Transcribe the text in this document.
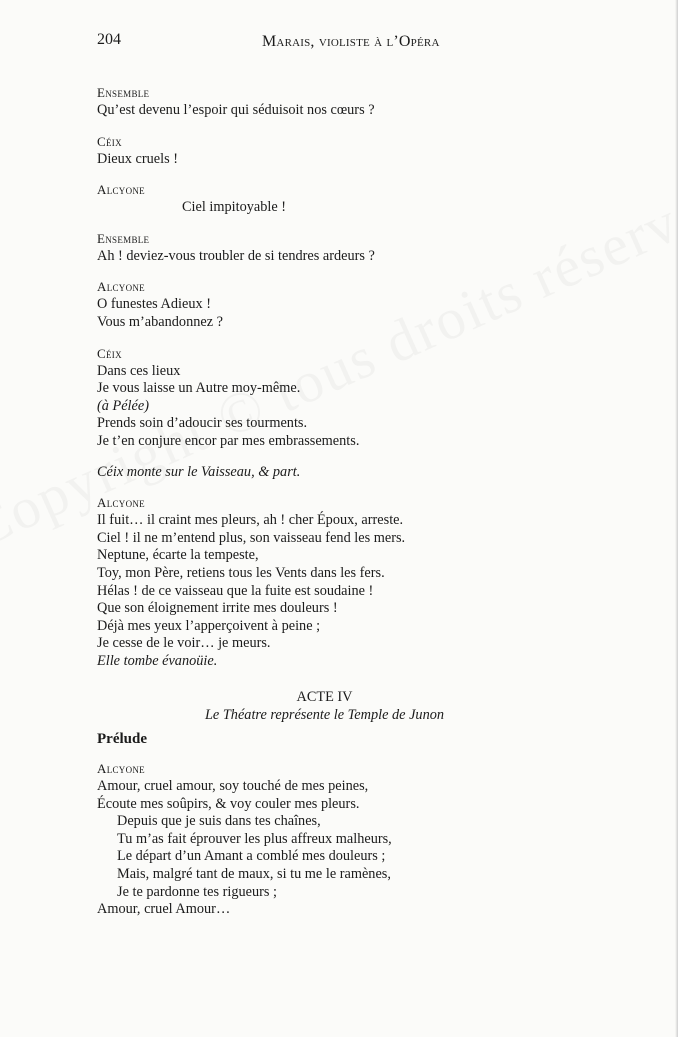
204	Marais, violiste à l’Opéra
Ensemble
Qu’est devenu l’espoir qui séduisoit nos cœurs ?
Céix
Dieux cruels !
Alcyone
Ciel impitoyable !
Ensemble
Ah ! deviez-vous troubler de si tendres ardeurs ?
Alcyone
O funestes Adieux !
Vous m’abandonnez ?
Céix
Dans ces lieux
Je vous laisse un Autre moy-même.
(à Pélée)
Prends soin d’adoucir ses tourments.
Je t’en conjure encor par mes embrassements.
Céix monte sur le Vaisseau, & part.
Alcyone
Il fuit… il craint mes pleurs, ah ! cher Époux, arreste.
Ciel ! il ne m’entend plus, son vaisseau fend les mers.
Neptune, écarte la tempeste,
Toy, mon Père, retiens tous les Vents dans les fers.
Hélas ! de ce vaisseau que la fuite est soudaine !
Que son éloignement irrite mes douleurs !
Déjà mes yeux l’apperçoivent à peine ;
Je cesse de le voir… je meurs.
Elle tombe évanoüie.
ACTE IV
Le Théatre représente le Temple de Junon
Prélude
Alcyone
Amour, cruel amour, soy touché de mes peines,
Écoute mes soûpirs, & voy couler mes pleurs.
Depuis que je suis dans tes chaînes,
Tu m’as fait éprouver les plus affreux malheurs,
Le départ d’un Amant a comblé mes douleurs ;
Mais, malgré tant de maux, si tu me le ramènes,
Je te pardonne tes rigueurs ;
Amour, cruel Amour…
